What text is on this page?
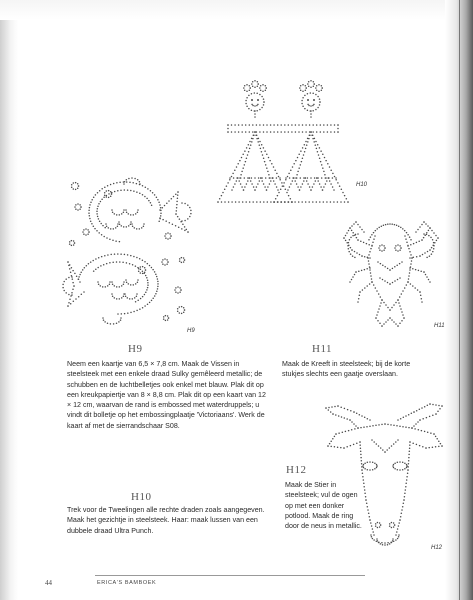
H10
H9
H11
H12
H9

Neem een kaartje van 6,5 × 7,8 cm. Maak de Vissen in steelsteek met een enkele draad Sulky gemêleerd metallic; de schubben en de luchtbelletjes ook enkel met blauw. Plak dit op een kreukpapiertje van 8 × 8,8 cm. Plak dit op een kaart van 12 × 12 cm, waarvan de rand is embossed met waterdruppels; u vindt dit bolletje op het embossingplaatje 'Victoriaans'. Werk de kaart af met de sierrandschaar S08.

H10

Trek voor de Tweelingen alle rechte draden zoals aangegeven. Maak het gezichtje in steelsteek. Haar: maak lussen van een dubbele draad Ultra Punch.

H11

Maak de Kreeft in steelsteek; bij de korte stukjes slechts een gaatje overslaan.

H12

Maak de Stier in steelsteek; vul de ogen op met een donker potlood. Maak de ring door de neus in metallic.

44	ERICA'S BAMBOEK
